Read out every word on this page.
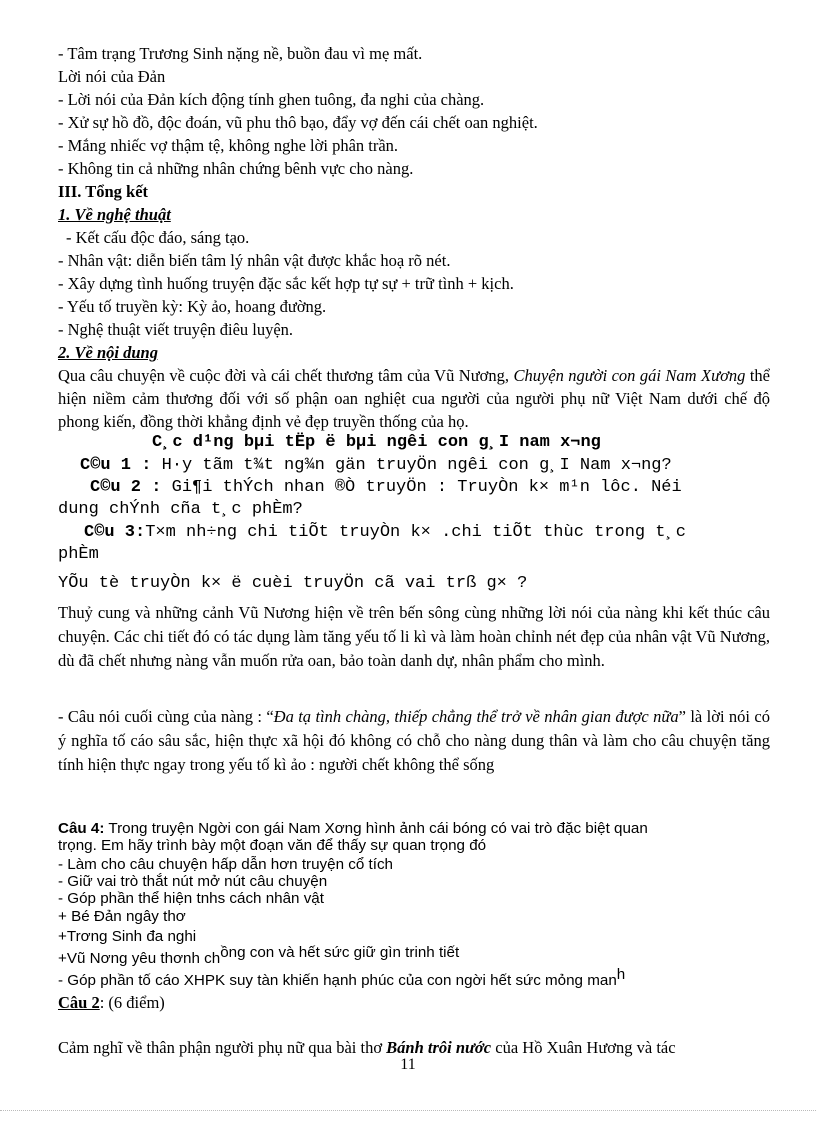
- Tâm trạng Trương Sinh nặng nề, buồn đau vì mẹ mất.
Lời nói của Đản
- Lời nói của Đản kích động tính ghen tuông, đa nghi của chàng.
- Xử sự hồ đồ, độc đoán, vũ phu thô bạo, đẩy vợ đến cái chết oan nghiệt.
- Mắng nhiếc vợ thậm tệ, không nghe lời phân trần.
- Không tin cả những nhân chứng bênh vực cho nàng.
III. Tổng kết
1. Về nghệ thuật
- Kết cấu độc đáo, sáng tạo.
- Nhân vật: diễn biến tâm lý nhân vật được khắc hoạ rõ nét.
- Xây dựng tình huống truyện đặc sắc kết hợp tự sự + trữ tình + kịch.
- Yếu tố truyền kỳ: Kỳ ảo, hoang đường.
- Nghệ thuật viết truyện điêu luyện.
2. Về nội dung
Qua câu chuyện về cuộc đời và cái chết thương tâm của Vũ Nương, Chuyện người con gái Nam Xương thể hiện niềm cảm thương đối với số phận oan nghiệt cua người của người phụ nữ Việt Nam dưới chế độ phong kiến, đồng thời khẳng định vẻ đẹp truyền thống của họ.
C¸c d¹ng bµi tËp ë bµi ngêi con g¸I nam x¬ng
C©u 1 : H·y tãm t¾t ng¾n gän truyÖn ngêi con g¸I Nam x¬ng?
C©u 2 : Gi¶i thÝch nhan ®Ò truyÖn : TruyÒn k× m¹n lôc. Néi
dung chÝnh cña t¸c phÈm?
C©u 3:T×m nh÷ng chi tiÕt truyÒn k× .chi tiÕt thùc trong t¸c
phÈm
YÕu tè truyÒn k× ë cuèi truyÖn cã vai trß g× ?
Thuỷ cung và những cảnh Vũ Nương hiện về trên bến sông cùng những lời nói của nàng khi kết thúc câu chuyện. Các chi tiết đó có tác dụng làm tăng yếu tố li kì và làm hoàn chỉnh nét đẹp của nhân vật Vũ Nương, dù đã chết nhưng nàng vẫn muốn rửa oan, bảo toàn danh dự, nhân phẩm cho mình.
- Câu nói cuối cùng của nàng : “Đa tạ tình chàng, thiếp chẳng thể trở về nhân gian được nữa” là lời nói có ý nghĩa tố cáo sâu sắc, hiện thực xã hội đó không có chỗ cho nàng dung thân và làm cho câu chuyện tăng tính hiện thực ngay trong yếu tố kì ảo : người chết không thể sống
Câu 4: Trong truyện Ngời con gái Nam Xơng hình ảnh cái bóng có vai trò đặc biệt quan
trọng. Em hãy trình bày một đoạn văn để thấy sự quan trọng đó
- Làm cho câu chuyện hấp dẫn hơn truyện cổ tích
- Giữ vai trò thắt nút mở nút câu chuyện
- Góp phần thể hiện tnhs cách nhân vật
+ Bé Đản ngây thơ
+Trơng Sinh đa nghi
+Vũ Nơng yêu thơnh chồng con và hết sức giữ gìn trinh tiết
- Góp phần tố cáo XHPK suy tàn khiến hạnh phúc của con ngời hết sức mỏng manh
Câu 2: (6 điểm)
Cảm nghĩ về thân phận người phụ nữ qua bài thơ Bánh trôi nước của Hồ Xuân Hương và tác
11
